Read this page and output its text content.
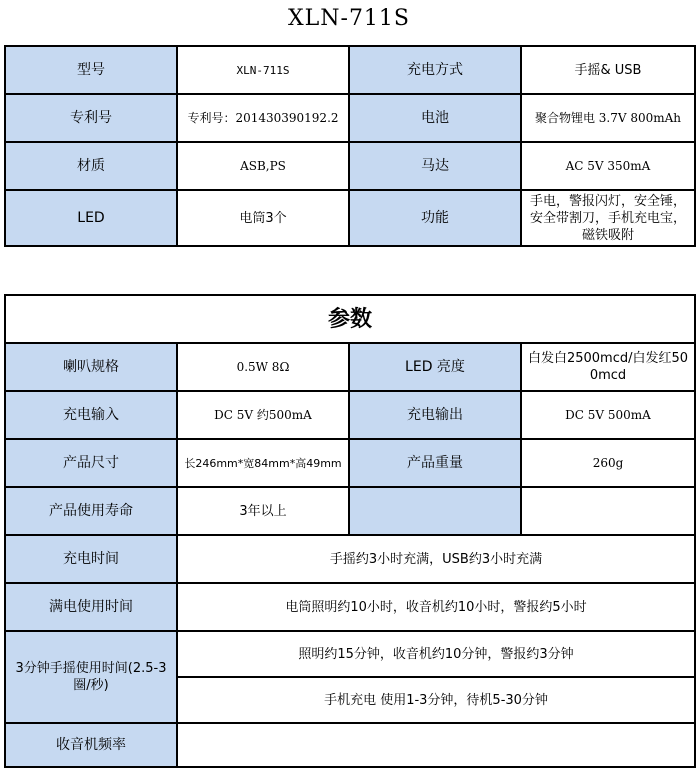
XLN-711S
型号	XLN-711S	充电方式	手摇& USB
专利号	专利号：201430390192.2	电池	聚合物锂电 3.7V 800mAh
材质	ASB,PS	马达	AC 5V 350mA
LED	电筒3个	功能	手电，警报闪灯，安全锤，安全带割刀，手机充电宝，磁铁吸附
参数			
喇叭规格	0.5W 8Ω	LED 亮度	白发白2500mcd/白发红500mcd
充电输入	DC 5V 约500mA	充电输出	DC 5V 500mA
产品尺寸	长246mm*宽84mm*高49mm	产品重量	260g
产品使用寿命	3年以上		
充电时间	手摇约3小时充满，USB约3小时充满		
满电使用时间	电筒照明约10小时，收音机约10小时，警报约5小时		
3分钟手摇使用时间(2.5-3圈/秒)	照明约15分钟，收音机约10分钟，警报约3分钟		
	手机充电 使用1-3分钟，待机5-30分钟		
收音机频率			
